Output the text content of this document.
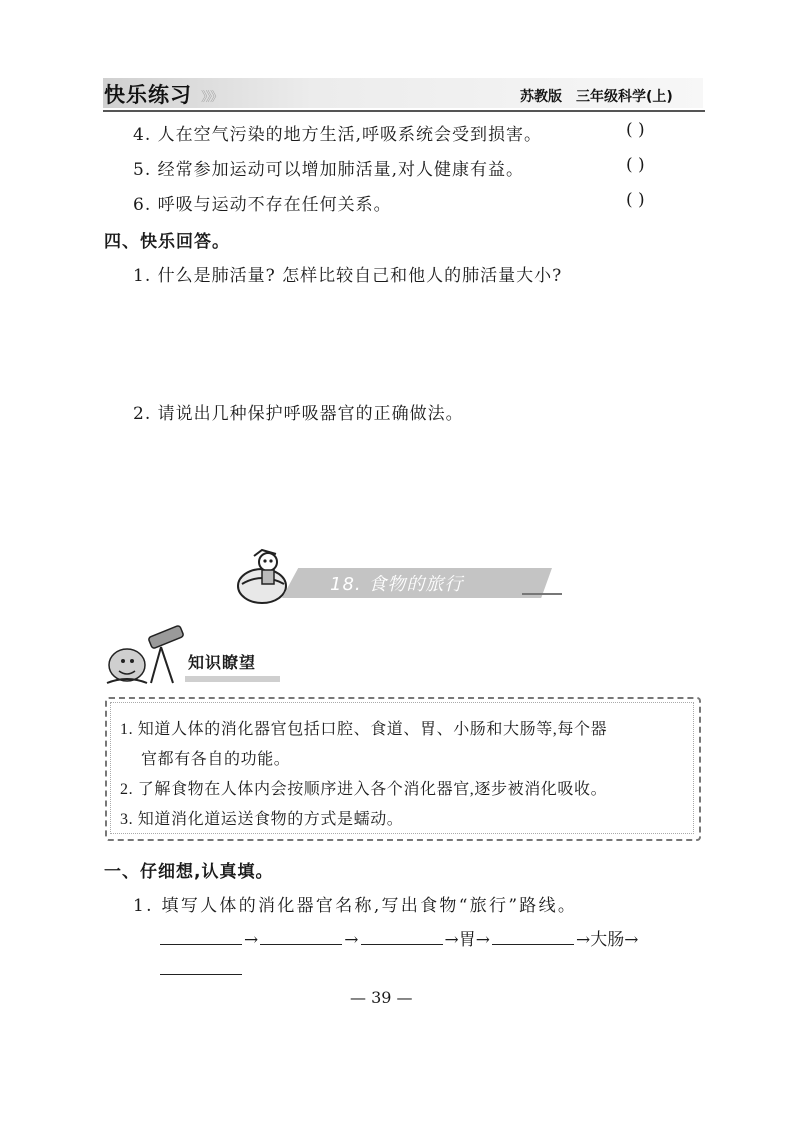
快乐练习 》》》	苏教版 三年级科学(上)
4. 人在空气污染的地方生活,呼吸系统会受到损害。	( )
5. 经常参加运动可以增加肺活量,对人健康有益。	( )
6. 呼吸与运动不存在任何关系。	( )
四、快乐回答。
1. 什么是肺活量? 怎样比较自己和他人的肺活量大小?
2. 请说出几种保护呼吸器官的正确做法。
18. 食物的旅行
知识瞭望
1. 知道人体的消化器官包括口腔、食道、胃、小肠和大肠等,每个器
官都有各自的功能。
2. 了解食物在人体内会按顺序进入各个消化器官,逐步被消化吸收。
3. 知道消化道运送食物的方式是蠕动。
一、仔细想,认真填。
1. 填写人体的消化器官名称,写出食物“旅行”路线。
→	→	→胃→	→大肠→
— 39 —
